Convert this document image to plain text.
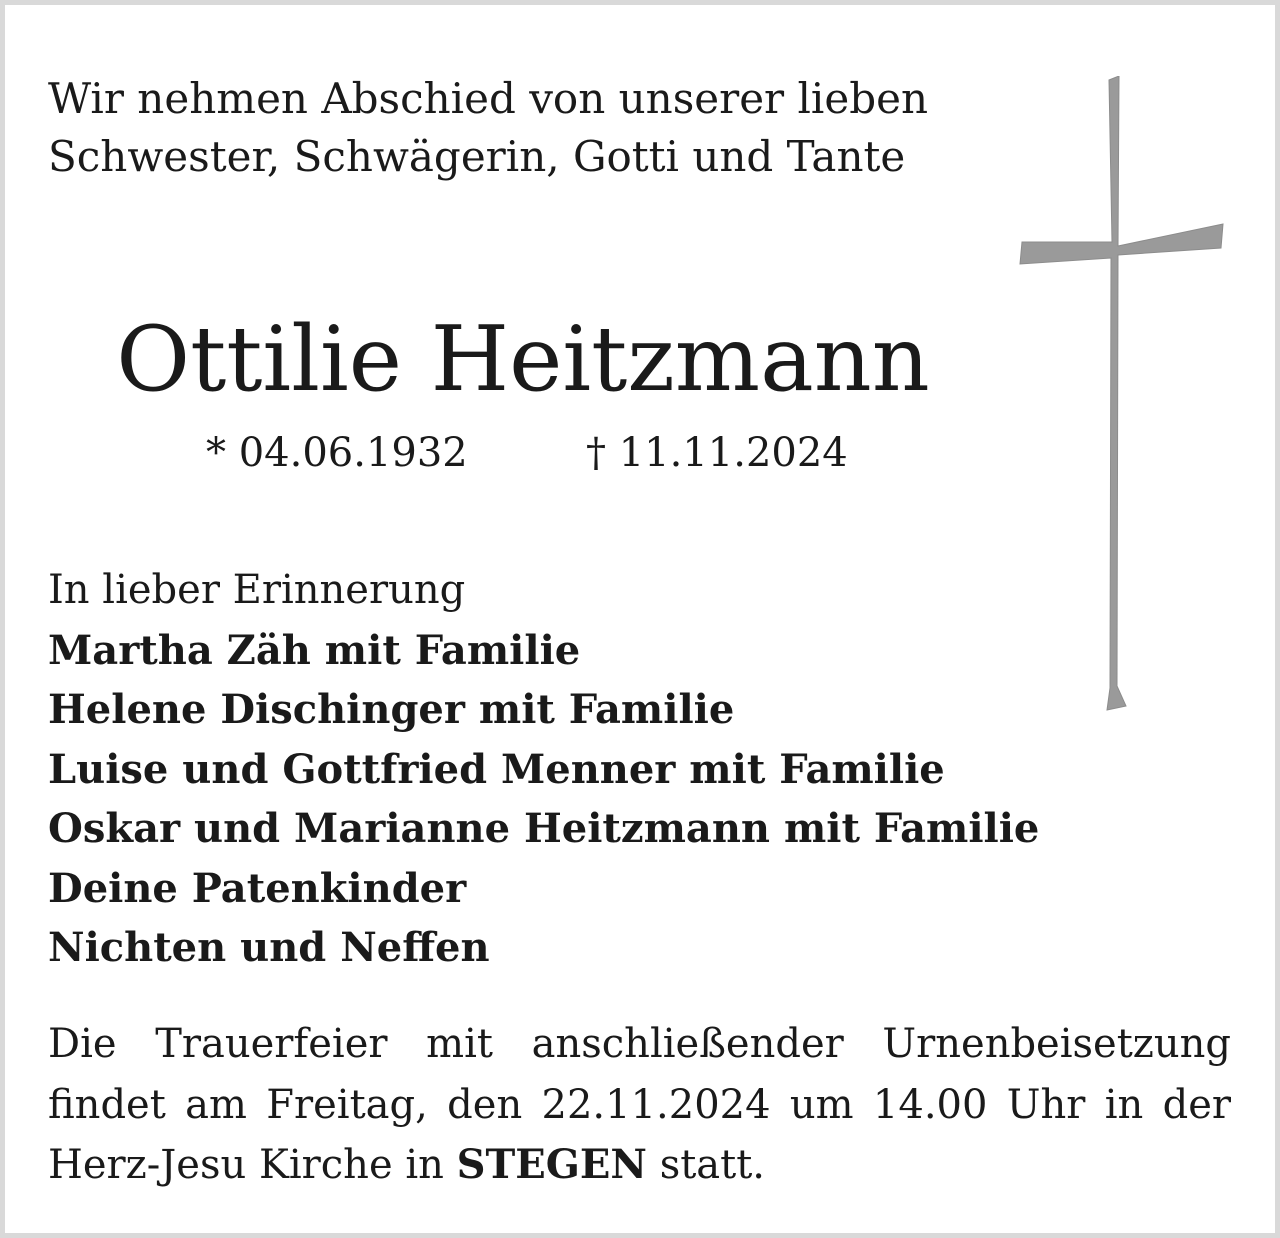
Wir nehmen Abschied von unserer lieben
Schwester, Schwägerin, Gotti und Tante
Ottilie Heitzmann
* 04.06.1932	† 11.11.2024
In lieber Erinnerung
Martha Zäh mit Familie
Helene Dischinger mit Familie
Luise und Gottfried Menner mit Familie
Oskar und Marianne Heitzmann mit Familie
Deine Patenkinder
Nichten und Neffen
Die Trauerfeier mit anschließender Urnenbeisetzung
findet am Freitag, den 22.11.2024 um 14.00 Uhr in der
Herz-Jesu Kirche in STEGEN statt.
